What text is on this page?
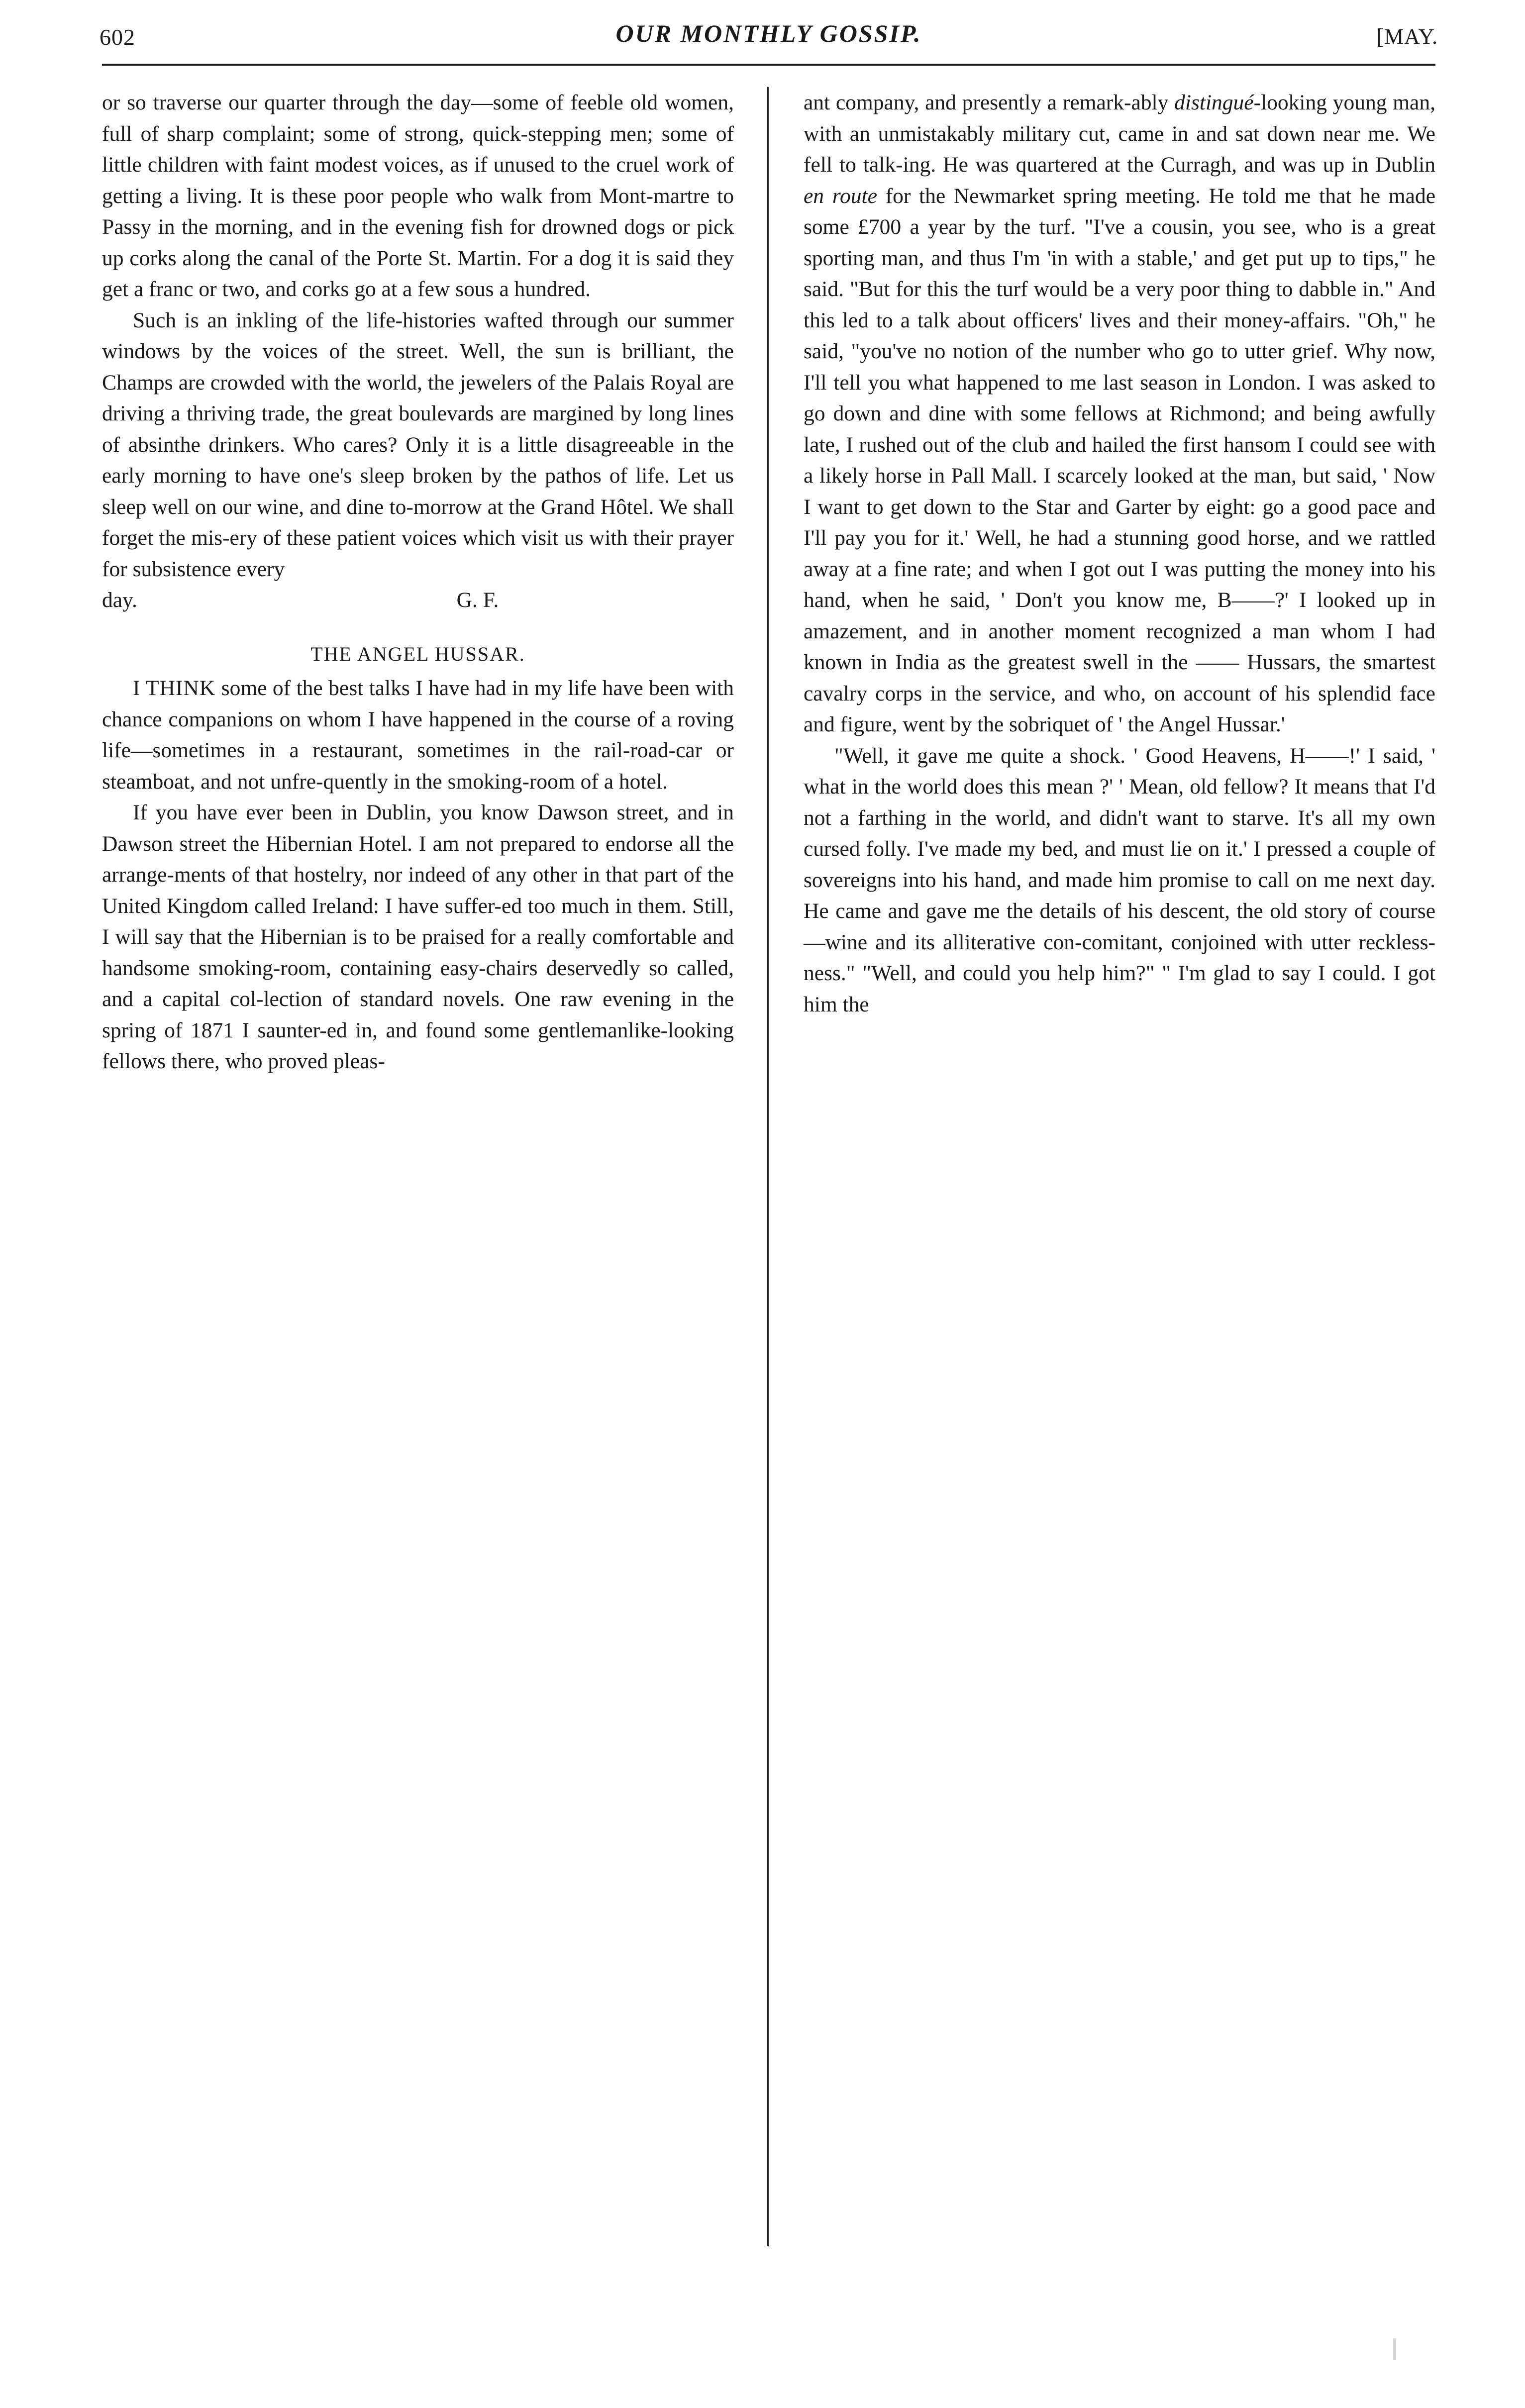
602	OUR MONTHLY GOSSIP.	[MAY.

or so traverse our quarter through the day—some of feeble old women, full of sharp complaint; some of strong, quick-stepping men; some of little children with faint modest voices, as if unused to the cruel work of getting a living. It is these poor people who walk from Mont-martre to Passy in the morning, and in the evening fish for drowned dogs or pick up corks along the canal of the Porte St. Martin. For a dog it is said they get a franc or two, and corks go at a few sous a hundred.

Such is an inkling of the life-histories wafted through our summer windows by the voices of the street. Well, the sun is brilliant, the Champs are crowded with the world, the jewelers of the Palais Royal are driving a thriving trade, the great boulevards are margined by long lines of absinthe drinkers. Who cares? Only it is a little disagreeable in the early morning to have one's sleep broken by the pathos of life. Let us sleep well on our wine, and dine to-morrow at the Grand Hôtel. We shall forget the mis-ery of these patient voices which visit us with their prayer for subsistence every

day.	G. F.

THE ANGEL HUSSAR.

I THINK some of the best talks I have had in my life have been with chance companions on whom I have happened in the course of a roving life—sometimes in a restaurant, sometimes in the rail-road-car or steamboat, and not unfre-quently in the smoking-room of a hotel.

If you have ever been in Dublin, you know Dawson street, and in Dawson street the Hibernian Hotel. I am not prepared to endorse all the arrange-ments of that hostelry, nor indeed of any other in that part of the United Kingdom called Ireland: I have suffer-ed too much in them. Still, I will say that the Hibernian is to be praised for a really comfortable and handsome smoking-room, containing easy-chairs deservedly so called, and a capital col-lection of standard novels. One raw evening in the spring of 1871 I saunter-ed in, and found some gentlemanlike-looking fellows there, who proved pleas-

ant company, and presently a remark-ably distingué-looking young man, with an unmistakably military cut, came in and sat down near me. We fell to talk-ing. He was quartered at the Curragh, and was up in Dublin en route for the Newmarket spring meeting. He told me that he made some £700 a year by the turf. "I've a cousin, you see, who is a great sporting man, and thus I'm 'in with a stable,' and get put up to tips," he said. "But for this the turf would be a very poor thing to dabble in." And this led to a talk about officers' lives and their money-affairs. "Oh," he said, "you've no notion of the number who go to utter grief. Why now, I'll tell you what happened to me last season in London. I was asked to go down and dine with some fellows at Richmond; and being awfully late, I rushed out of the club and hailed the first hansom I could see with a likely horse in Pall Mall. I scarcely looked at the man, but said, ' Now I want to get down to the Star and Garter by eight: go a good pace and I'll pay you for it.' Well, he had a stunning good horse, and we rattled away at a fine rate; and when I got out I was putting the money into his hand, when he said, ' Don't you know me, B——?' I looked up in amazement, and in another moment recognized a man whom I had known in India as the greatest swell in the —— Hussars, the smartest cavalry corps in the service, and who, on account of his splendid face and figure, went by the sobriquet of ' the Angel Hussar.'

"Well, it gave me quite a shock. ' Good Heavens, H——!' I said, ' what in the world does this mean ?' ' Mean, old fellow? It means that I'd not a farthing in the world, and didn't want to starve. It's all my own cursed folly. I've made my bed, and must lie on it.' I pressed a couple of sovereigns into his hand, and made him promise to call on me next day. He came and gave me the details of his descent, the old story of course—wine and its alliterative con-comitant, conjoined with utter reckless-ness." "Well, and could you help him?" " I'm glad to say I could. I got him the
